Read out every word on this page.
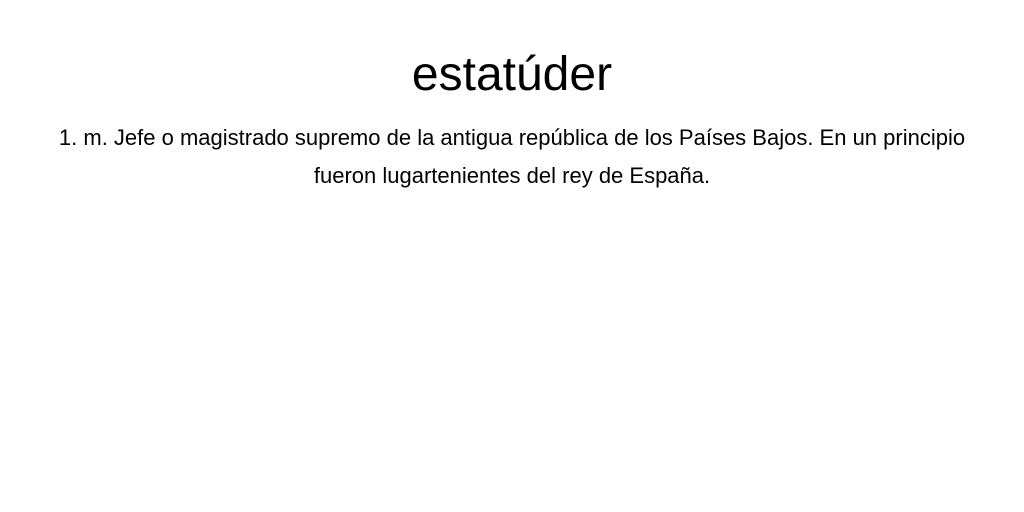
estatúder

1. m. Jefe o magistrado supremo de la antigua república de los Países Bajos. En un principio fueron lugartenientes del rey de España.
